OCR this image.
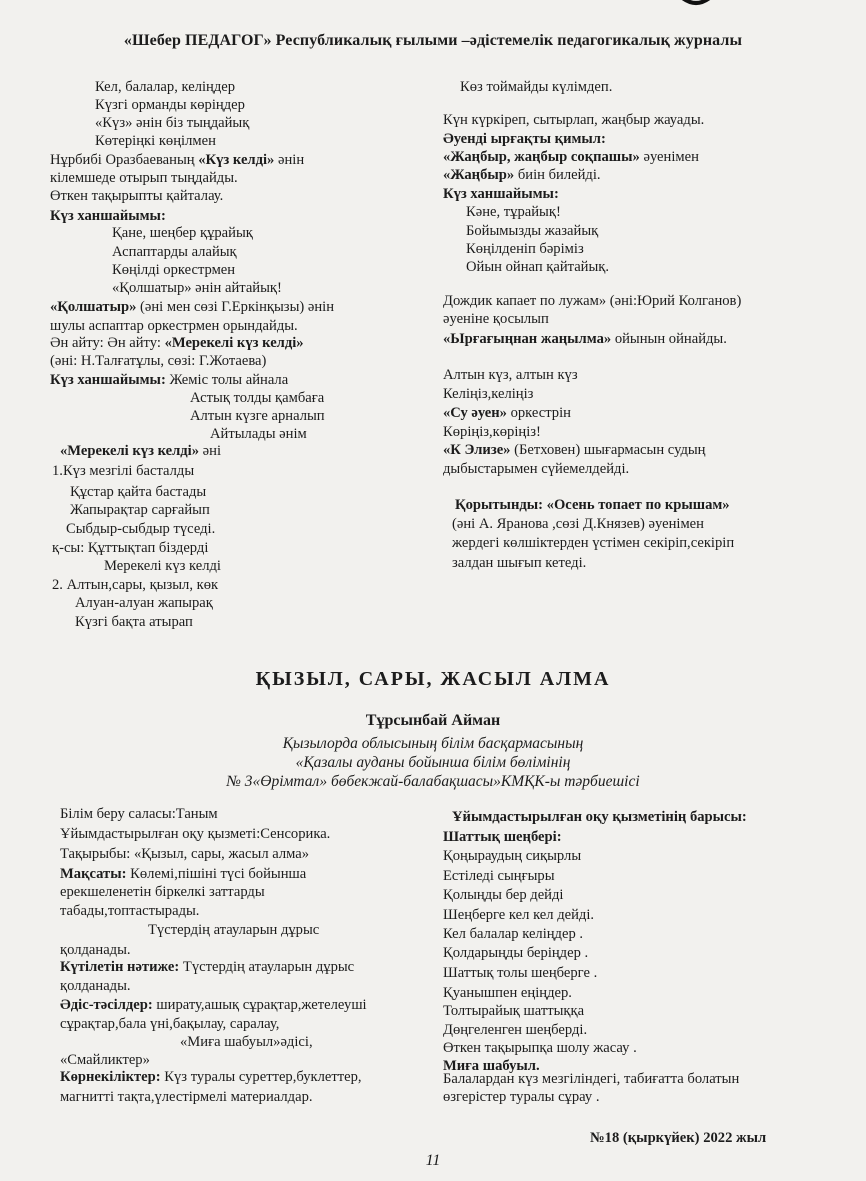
«Шебер ПЕДАГОГ» Республикалық ғылыми –әдістемелік педагогикалық журналы
Кел, балалар, келіңдер
Күзгі орманды көріңдер
«Күз» әнін біз тыңдайық
Көтеріңкі көңілмен
Нұрбибі Оразбаеваның «Күз келді» әнін
кілемшеде отырып тыңдайды.
Өткен тақырыпты қайталау.
Күз ханшайымы:
Қане, шеңбер құрайық
Аспаптарды алайық
Көңілді оркестрмен
«Қолшатыр» әнін айтайық!
«Қолшатыр» (әні мен сөзі Г.Еркінқызы) әнін
шулы аспаптар оркестрмен орындайды.
Ән айту: Ән айту: «Мерекелі күз келді»
(әні: Н.Талғатұлы, сөзі: Г.Жотаева)
Күз ханшайымы: Жеміс толы айнала
Астық толды қамбаға
Алтын күзге арналып
Айтылады әнім
«Мерекелі күз келді» әні
1.Күз мезгілі басталды
Құстар қайта бастады
Жапырақтар сарғайып
Сыбдыр-сыбдыр түседі.
қ-сы: Құттықтап біздерді
Мерекелі күз келді
2. Алтын,сары, қызыл, көк
Алуан-алуан жапырақ
Күзгі бақта атырап
Көз тоймайды күлімдеп.
Күн күркіреп, сытырлап, жаңбыр жауады.
Әуенді ырғақты қимыл:
«Жаңбыр, жаңбыр соқпашы» әуенімен
«Жаңбыр» биін билейді.
Күз ханшайымы:
Кәне, тұрайық!
Бойымызды жазайық
Көңілденіп бәріміз
Ойын ойнап қайтайық.
Дождик капает по лужам» (әні:Юрий Колганов)
әуеніне қосылып
«Ырғағыңнан жаңылма» ойынын ойнайды.
Алтын күз, алтын күз
Келіңіз,келіңіз
«Су әуен» оркестрін
Көріңіз,көріңіз!
«К Элизе» (Бетховен) шығармасын судың
дыбыстарымен сүйемелдейді.
Қорытынды: «Осень топает по крышам»
(әні А. Яранова ,сөзі Д.Князев) әуенімен
жердегі көлшіктерден үстімен секіріп,секіріп
залдан шығып кетеді.
ҚЫЗЫЛ, САРЫ, ЖАСЫЛ АЛМА
Тұрсынбай Айман
Қызылорда облысының білім басқармасының
«Қазалы ауданы бойынша білім бөлімінің
№ 3«Өрімтал» бөбекжай-балабақшасы»КМҚК-ы тәрбиешісі
Білім беру саласы:Таным
Ұйымдастырылған оқу қызметі:Сенсорика.
Тақырыбы: «Қызыл, сары, жасыл алма»
Мақсаты: Көлемі,пішіні түсі бойынша
ерекшеленетін біркелкі заттарды
табады,топтастырады.
Түстердің атауларын дұрыс
қолданады.
Күтілетін нәтиже: Түстердің атауларын дұрыс
қолданады.
Әдіс-тәсілдер: ширату,ашық сұрақтар,жетелеуші
сұрақтар,бала үні,бақылау, саралау,
«Миға шабуыл»әдісі,
«Смайликтер»
Көрнекіліктер: Күз туралы суреттер,буклеттер,
магнитті тақта,үлестірмелі материалдар.
Ұйымдастырылған оқу қызметінің барысы:
Шаттық шеңбері:
Қоңыраудың сиқырлы
Естіледі сыңғыры
Қолыңды бер дейді
Шеңберге кел кел дейді.
Кел балалар келіңдер .
Қолдарыңды беріңдер .
Шаттық толы шеңберге .
Қуанышпен еңіңдер.
Толтырайық шаттыққа
Дөңгеленген шеңберді.
Өткен тақырыпқа шолу жасау .
Миға шабуыл.
Балалардан күз мезгіліндегі, табиғатта болатын
өзгерістер туралы сұрау .
№18 (қыркүйек) 2022 жыл
11
